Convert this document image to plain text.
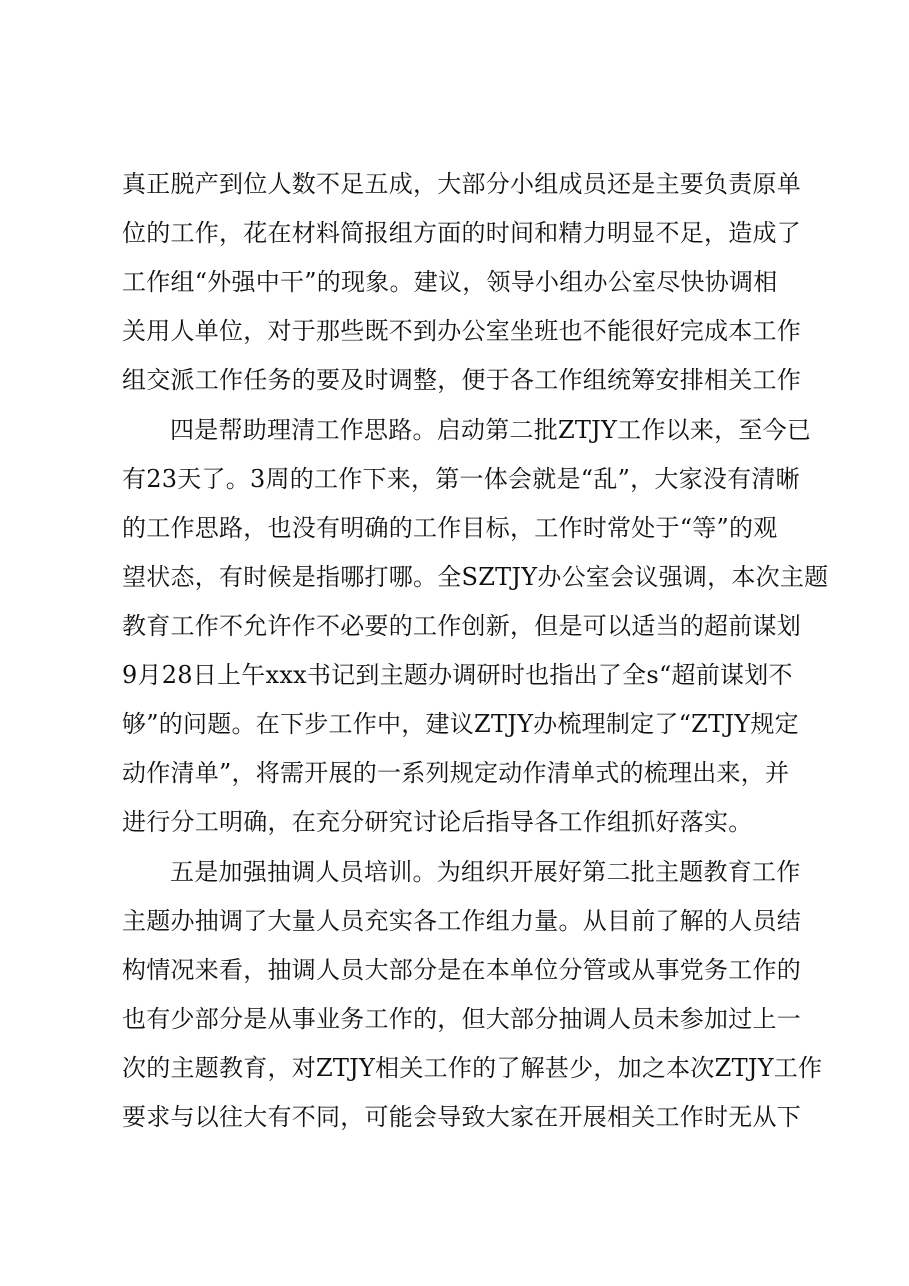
真正脱产到位人数不足五成，大部分小组成员还是主要负责原单
位的工作，花在材料简报组方面的时间和精力明显不足，造成了
工作组“外强中干”的现象。建议，领导小组办公室尽快协调相
关用人单位，对于那些既不到办公室坐班也不能很好完成本工作
组交派工作任务的要及时调整，便于各工作组统筹安排相关工作
四是帮助理清工作思路。启动第二批ZTJY工作以来，至今已
有23天了。3周的工作下来，第一体会就是“乱”，大家没有清晰
的工作思路，也没有明确的工作目标，工作时常处于“等”的观
望状态，有时候是指哪打哪。全SZTJY办公室会议强调，本次主题
教育工作不允许作不必要的工作创新，但是可以适当的超前谋划
9月28日上午xxx书记到主题办调研时也指出了全s“超前谋划不
够”的问题。在下步工作中，建议ZTJY办梳理制定了“ZTJY规定
动作清单”，将需开展的一系列规定动作清单式的梳理出来，并
进行分工明确，在充分研究讨论后指导各工作组抓好落实。
五是加强抽调人员培训。为组织开展好第二批主题教育工作
主题办抽调了大量人员充实各工作组力量。从目前了解的人员结
构情况来看，抽调人员大部分是在本单位分管或从事党务工作的
也有少部分是从事业务工作的，但大部分抽调人员未参加过上一
次的主题教育，对ZTJY相关工作的了解甚少，加之本次ZTJY工作
要求与以往大有不同，可能会导致大家在开展相关工作时无从下
